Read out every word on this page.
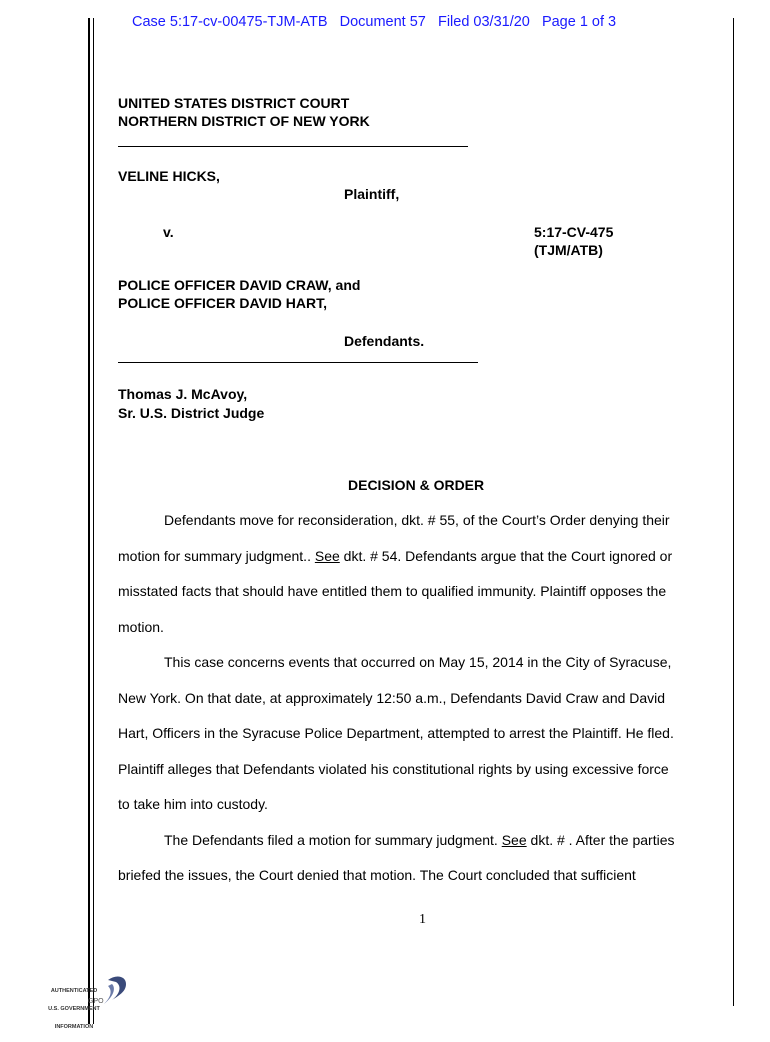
Case 5:17-cv-00475-TJM-ATB   Document 57   Filed 03/31/20   Page 1 of 3
UNITED STATES DISTRICT COURT
NORTHERN DISTRICT OF NEW YORK
VELINE HICKS,
Plaintiff,
v.	5:17-CV-475
(TJM/ATB)
POLICE OFFICER DAVID CRAW, and
POLICE OFFICER DAVID HART,
Defendants.
Thomas J. McAvoy,
Sr. U.S. District Judge
DECISION & ORDER
Defendants move for reconsideration, dkt. # 55, of the Court’s Order denying their
motion for summary judgment.. See dkt. # 54. Defendants argue that the Court ignored or
misstated facts that should have entitled them to qualified immunity. Plaintiff opposes the
motion.
This case concerns events that occurred on May 15, 2014 in the City of Syracuse,
New York. On that date, at approximately 12:50 a.m., Defendants David Craw and David
Hart, Officers in the Syracuse Police Department, attempted to arrest the Plaintiff. He fled.
Plaintiff alleges that Defendants violated his constitutional rights by using excessive force
to take him into custody.
The Defendants filed a motion for summary judgment. See dkt. # . After the parties
briefed the issues, the Court denied that motion. The Court concluded that sufficient
1

AUTHENTICATED

U.S. GOVERNMENT

INFORMATION

GPO
